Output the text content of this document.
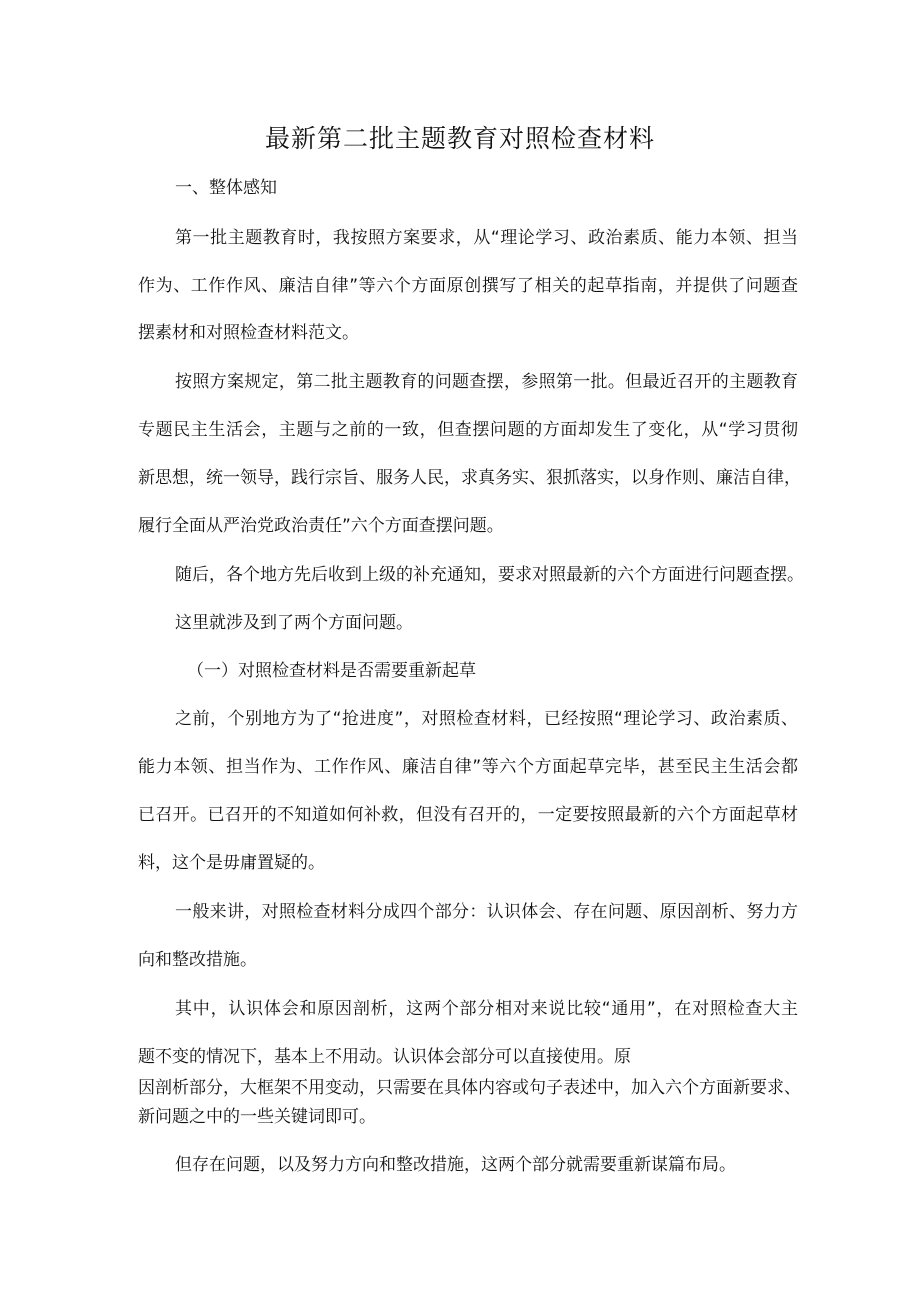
最新第二批主题教育对照检查材料
一、整体感知
第一批主题教育时，我按照方案要求，从“理论学习、政治素质、能力本领、担当
作为、工作作风、廉洁自律”等六个方面原创撰写了相关的起草指南，并提供了问题查
摆素材和对照检查材料范文。
按照方案规定，第二批主题教育的问题查摆，参照第一批。但最近召开的主题教育
专题民主生活会，主题与之前的一致，但查摆问题的方面却发生了变化，从“学习贯彻
新思想，统一领导，践行宗旨、服务人民，求真务实、狠抓落实，以身作则、廉洁自律，
履行全面从严治党政治责任”六个方面查摆问题。
随后，各个地方先后收到上级的补充通知，要求对照最新的六个方面进行问题查摆。
这里就涉及到了两个方面问题。
（一）对照检查材料是否需要重新起草
之前，个别地方为了“抢进度”，对照检查材料，已经按照“理论学习、政治素质、
能力本领、担当作为、工作作风、廉洁自律”等六个方面起草完毕，甚至民主生活会都
已召开。已召开的不知道如何补救，但没有召开的，一定要按照最新的六个方面起草材
料，这个是毋庸置疑的。
一般来讲，对照检查材料分成四个部分：认识体会、存在问题、原因剖析、努力方
向和整改措施。
其中，认识体会和原因剖析，这两个部分相对来说比较“通用”，在对照检查大主
题不变的情况下，基本上不用动。认识体会部分可以直接使用。原
因剖析部分，大框架不用变动，只需要在具体内容或句子表述中，加入六个方面新要求、
新问题之中的一些关键词即可。
但存在问题，以及努力方向和整改措施，这两个部分就需要重新谋篇布局。
